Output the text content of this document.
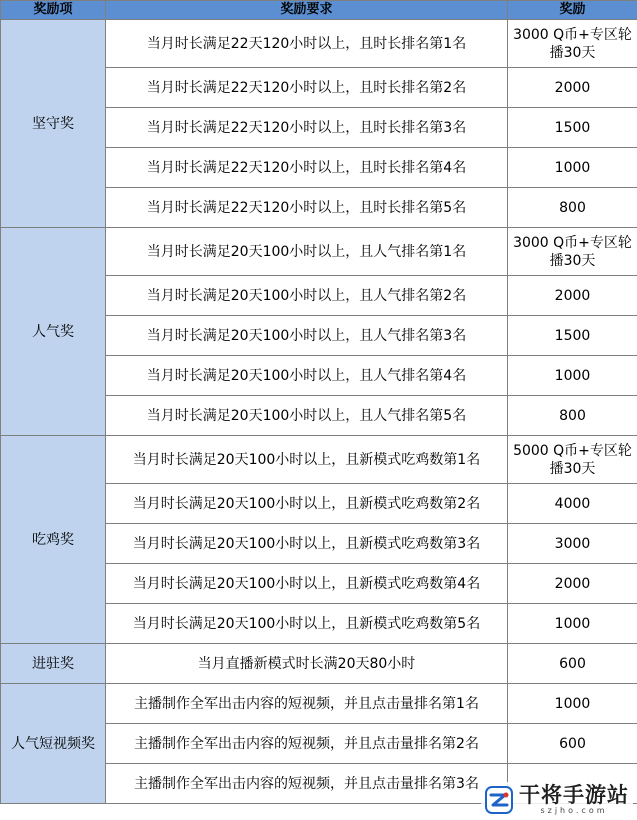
奖励项	奖励要求	奖励
坚守奖	当月时长满足22天120小时以上，且时长排名第1名	3000 Q币+专区轮播30天
	当月时长满足22天120小时以上，且时长排名第2名	2000
	当月时长满足22天120小时以上，且时长排名第3名	1500
	当月时长满足22天120小时以上，且时长排名第4名	1000
	当月时长满足22天120小时以上，且时长排名第5名	800
人气奖	当月时长满足20天100小时以上，且人气排名第1名	3000 Q币+专区轮播30天
	当月时长满足20天100小时以上，且人气排名第2名	2000
	当月时长满足20天100小时以上，且人气排名第3名	1500
	当月时长满足20天100小时以上，且人气排名第4名	1000
	当月时长满足20天100小时以上，且人气排名第5名	800
吃鸡奖	当月时长满足20天100小时以上，且新模式吃鸡数第1名	5000 Q币+专区轮播30天
	当月时长满足20天100小时以上，且新模式吃鸡数第2名	4000
	当月时长满足20天100小时以上，且新模式吃鸡数第3名	3000
	当月时长满足20天100小时以上，且新模式吃鸡数第4名	2000
	当月时长满足20天100小时以上，且新模式吃鸡数第5名	1000
进驻奖	当月直播新模式时长满20天80小时	600
人气短视频奖	主播制作全军出击内容的短视频，并且点击量排名第1名	1000
	主播制作全军出击内容的短视频，并且点击量排名第2名	600
	主播制作全军出击内容的短视频，并且点击量排名第3名	干将手游站
szjho.com
